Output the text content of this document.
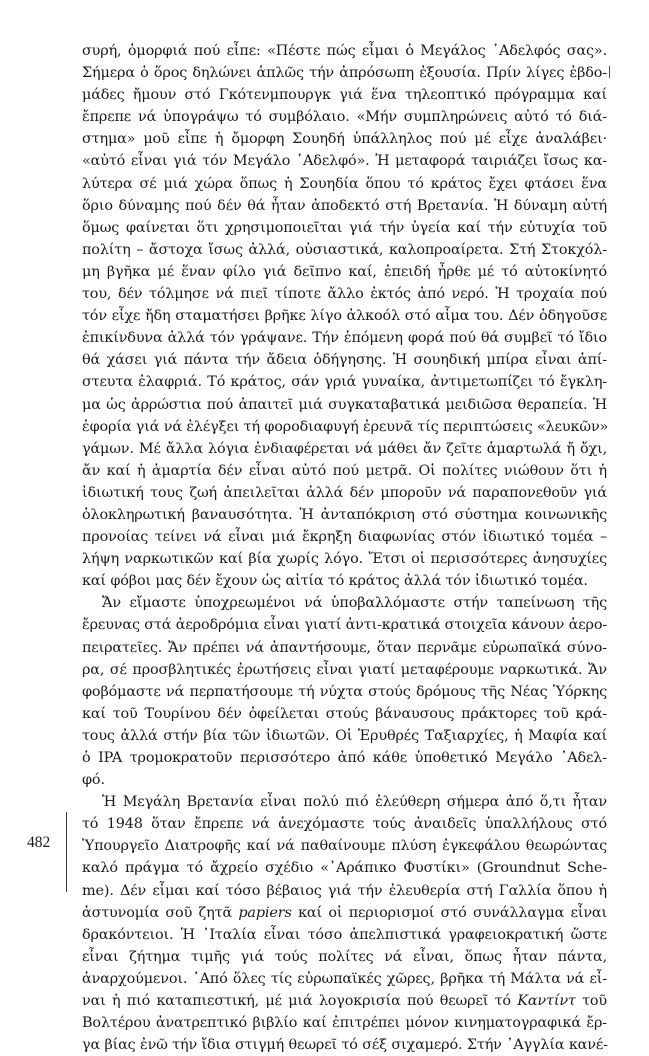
συρή, ὀμορφιά πού εἶπε: «Πέστε πώς εἶμαι ὁ Μεγάλος ᾿Αδελφός σας».
Σήμερα ὁ ὅρος δηλώνει ἁπλῶς τήν ἀπρόσωπη ἐξουσία. Πρίν λίγες ἑβδο-
μάδες ἤμουν στό Γκότενμπουργκ γιά ἕνα τηλεοπτικό πρόγραμμα καί
ἔπρεπε νά ὑπογράψω τό συμβόλαιο. «Μήν συμπληρώνεις αὐτό τό διά-
στημα» μοῦ εἶπε ἡ ὄμορφη Σουηδή ὑπάλληλος πού μέ εἶχε ἀναλάβει·
«αὐτό εἶναι γιά τόν Μεγάλο ᾿Αδελφό». Ἡ μεταφορά ταιριάζει ἴσως κα-
λύτερα σέ μιά χώρα ὅπως ἡ Σουηδία ὅπου τό κράτος ἔχει φτάσει ἕνα
ὅριο δύναμης πού δέν θά ἦταν ἀποδεκτό στή Βρετανία. Ἡ δύναμη αὐτή
ὅμως φαίνεται ὅτι χρησιμοποιεῖται γιά τήν ὑγεία καί τήν εὐτυχία τοῦ
πολίτη – ἄστοχα ἴσως ἀλλά, οὐσιαστικά, καλοπροαίρετα. Στή Στοκχόλ-
μη βγῆκα μέ ἕναν φίλο γιά δεῖπνο καί, ἐπειδή ἦρθε μέ τό αὐτοκίνητό
του, δέν τόλμησε νά πιεῖ τίποτε ἄλλο ἐκτός ἀπό νερό. Ἡ τροχαία πού
τόν εἶχε ἤδη σταματήσει βρῆκε λίγο ἀλκοόλ στό αἷμα του. Δέν ὁδηγοῦσε
ἐπικίνδυνα ἀλλά τόν γράψανε. Τήν ἑπόμενη φορά πού θά συμβεῖ τό ἴδιο
θά χάσει γιά πάντα τήν ἄδεια ὁδήγησης. Ἡ σουηδική μπίρα εἶναι ἀπί-
στευτα ἐλαφριά. Τό κράτος, σάν γριά γυναίκα, ἀντιμετωπίζει τό ἔγκλη-
μα ὡς ἀρρώστια πού ἀπαιτεῖ μιά συγκαταβατικά μειδιῶσα θεραπεία. Ἡ
ἐφορία γιά νά ἐλέγξει τή φοροδιαφυγή ἐρευνᾶ τίς περιπτώσεις «λευκῶν»
γάμων. Μέ ἄλλα λόγια ἐνδιαφέρεται νά μάθει ἄν ζεῖτε ἁμαρτωλά ἤ ὄχι,
ἄν καί ἡ ἁμαρτία δέν εἶναι αὐτό πού μετρᾶ. Οἱ πολίτες νιώθουν ὅτι ἡ
ἰδιωτική τους ζωή ἀπειλεῖται ἀλλά δέν μποροῦν νά παραπονεθοῦν γιά
ὁλοκληρωτική βαναυσότητα. Ἡ ἀνταπόκριση στό σύστημα κοινωνικῆς
προνοίας τείνει νά εἶναι μιά ἔκρηξη διαφωνίας στόν ἰδιωτικό τομέα –
λήψη ναρκωτικῶν καί βία χωρίς λόγο. Ἔτσι οἱ περισσότερες ἀνησυχίες
καί φόβοι μας δέν ἔχουν ὡς αἰτία τό κράτος ἀλλά τόν ἰδιωτικό τομέα.
Ἄν εἴμαστε ὑποχρεωμένοι νά ὑποβαλλόμαστε στήν ταπείνωση τῆς
ἔρευνας στά ἀεροδρόμια εἶναι γιατί ἀντι-κρατικά στοιχεῖα κάνουν ἀερο-
πειρατεῖες. Ἄν πρέπει νά ἀπαντήσουμε, ὅταν περνᾶμε εὐρωπαϊκά σύνο-
ρα, σέ προσβλητικές ἐρωτήσεις εἶναι γιατί μεταφέρουμε ναρκωτικά. Ἄν
φοβόμαστε νά περπατήσουμε τή νύχτα στούς δρόμους τῆς Νέας Ὑόρκης
καί τοῦ Τουρίνου δέν ὀφείλεται στούς βάναυσους πράκτορες τοῦ κρά-
τους ἀλλά στήν βία τῶν ἰδιωτῶν. Οἱ Ἐρυθρές Ταξιαρχίες, ἡ Μαφία καί
ὁ IPA τρομοκρατοῦν περισσότερο ἀπό κάθε ὑποθετικό Μεγάλο ᾿Αδελ-
φό.
Ἡ Μεγάλη Βρετανία εἶναι πολύ πιό ἐλεύθερη σήμερα ἀπό ὅ,τι ἦταν
τό 1948 ὅταν ἔπρεπε νά ἀνεχόμαστε τούς ἀναιδεῖς ὑπαλλήλους στό
Ὑπουργεῖο Διατροφῆς καί νά παθαίνουμε πλύση ἐγκεφάλου θεωρώντας
καλό πράγμα τό ἄχρείο σχέδιο «᾿Αράπικο Φυστίκι» (Groundnut Sche-
me). Δέν εἶμαι καί τόσο βέβαιος γιά τήν ἐλευθερία στή Γαλλία ὅπου ἡ
ἀστυνομία σοῦ ζητᾶ papiers καί οἱ περιορισμοί στό συνάλλαγμα εἶναι
δρακόντειοι. Ἡ ᾿Ιταλία εἶναι τόσο ἀπελπιστικά γραφειοκρατική ὥστε
εἶναι ζήτημα τιμῆς γιά τούς πολίτες νά εἶναι, ὅπως ἦταν πάντα,
ἀναρχούμενοι. ᾿Από ὅλες τίς εὐρωπαϊκές χῶρες, βρῆκα τή Μάλτα νά εἶ-
ναι ἡ πιό καταπιεστική, μέ μιά λογοκρισία πού θεωρεῖ τό Καντίντ τοῦ
Βολτέρου ἀνατρεπτικό βιβλίο καί ἐπιτρέπει μόνον κινηματογραφικά ἔρ-
γα βίας ἐνῶ τήν ἴδια στιγμή θεωρεῖ τό σέξ σιχαμερό. Στήν ᾿Αγγλία κανέ-
482
